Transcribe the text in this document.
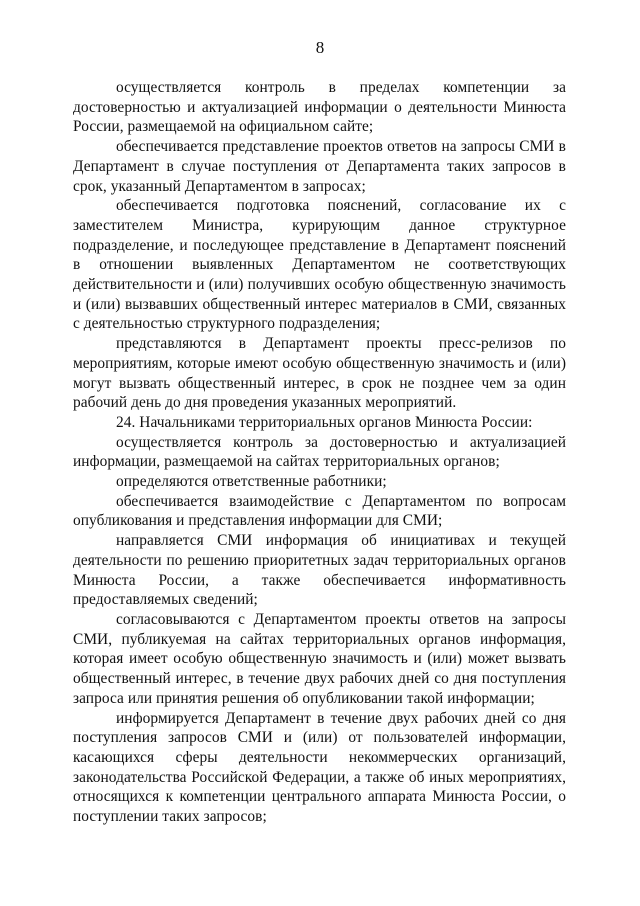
8

осуществляется контроль в пределах компетенции за достоверностью и актуализацией информации о деятельности Минюста России, размещаемой на официальном сайте;

обеспечивается представление проектов ответов на запросы СМИ в Департамент в случае поступления от Департамента таких запросов в срок, указанный Департаментом в запросах;

обеспечивается подготовка пояснений, согласование их с заместителем Министра, курирующим данное структурное подразделение, и последующее представление в Департамент пояснений в отношении выявленных Департаментом не соответствующих действительности и (или) получивших особую общественную значимость и (или) вызвавших общественный интерес материалов в СМИ, связанных с деятельностью структурного подразделения;

представляются в Департамент проекты пресс-релизов по мероприятиям, которые имеют особую общественную значимость и (или) могут вызвать общественный интерес, в срок не позднее чем за один рабочий день до дня проведения указанных мероприятий.

24. Начальниками территориальных органов Минюста России:

осуществляется контроль за достоверностью и актуализацией информации, размещаемой на сайтах территориальных органов;

определяются ответственные работники;

обеспечивается взаимодействие с Департаментом по вопросам опубликования и представления информации для СМИ;

направляется СМИ информация об инициативах и текущей деятельности по решению приоритетных задач территориальных органов Минюста России, а также обеспечивается информативность предоставляемых сведений;

согласовываются с Департаментом проекты ответов на запросы СМИ, публикуемая на сайтах территориальных органов информация, которая имеет особую общественную значимость и (или) может вызвать общественный интерес, в течение двух рабочих дней со дня поступления запроса или принятия решения об опубликовании такой информации;

информируется Департамент в течение двух рабочих дней со дня поступления запросов СМИ и (или) от пользователей информации, касающихся сферы деятельности некоммерческих организаций, законодательства Российской Федерации, а также об иных мероприятиях, относящихся к компетенции центрального аппарата Минюста России, о поступлении таких запросов;
